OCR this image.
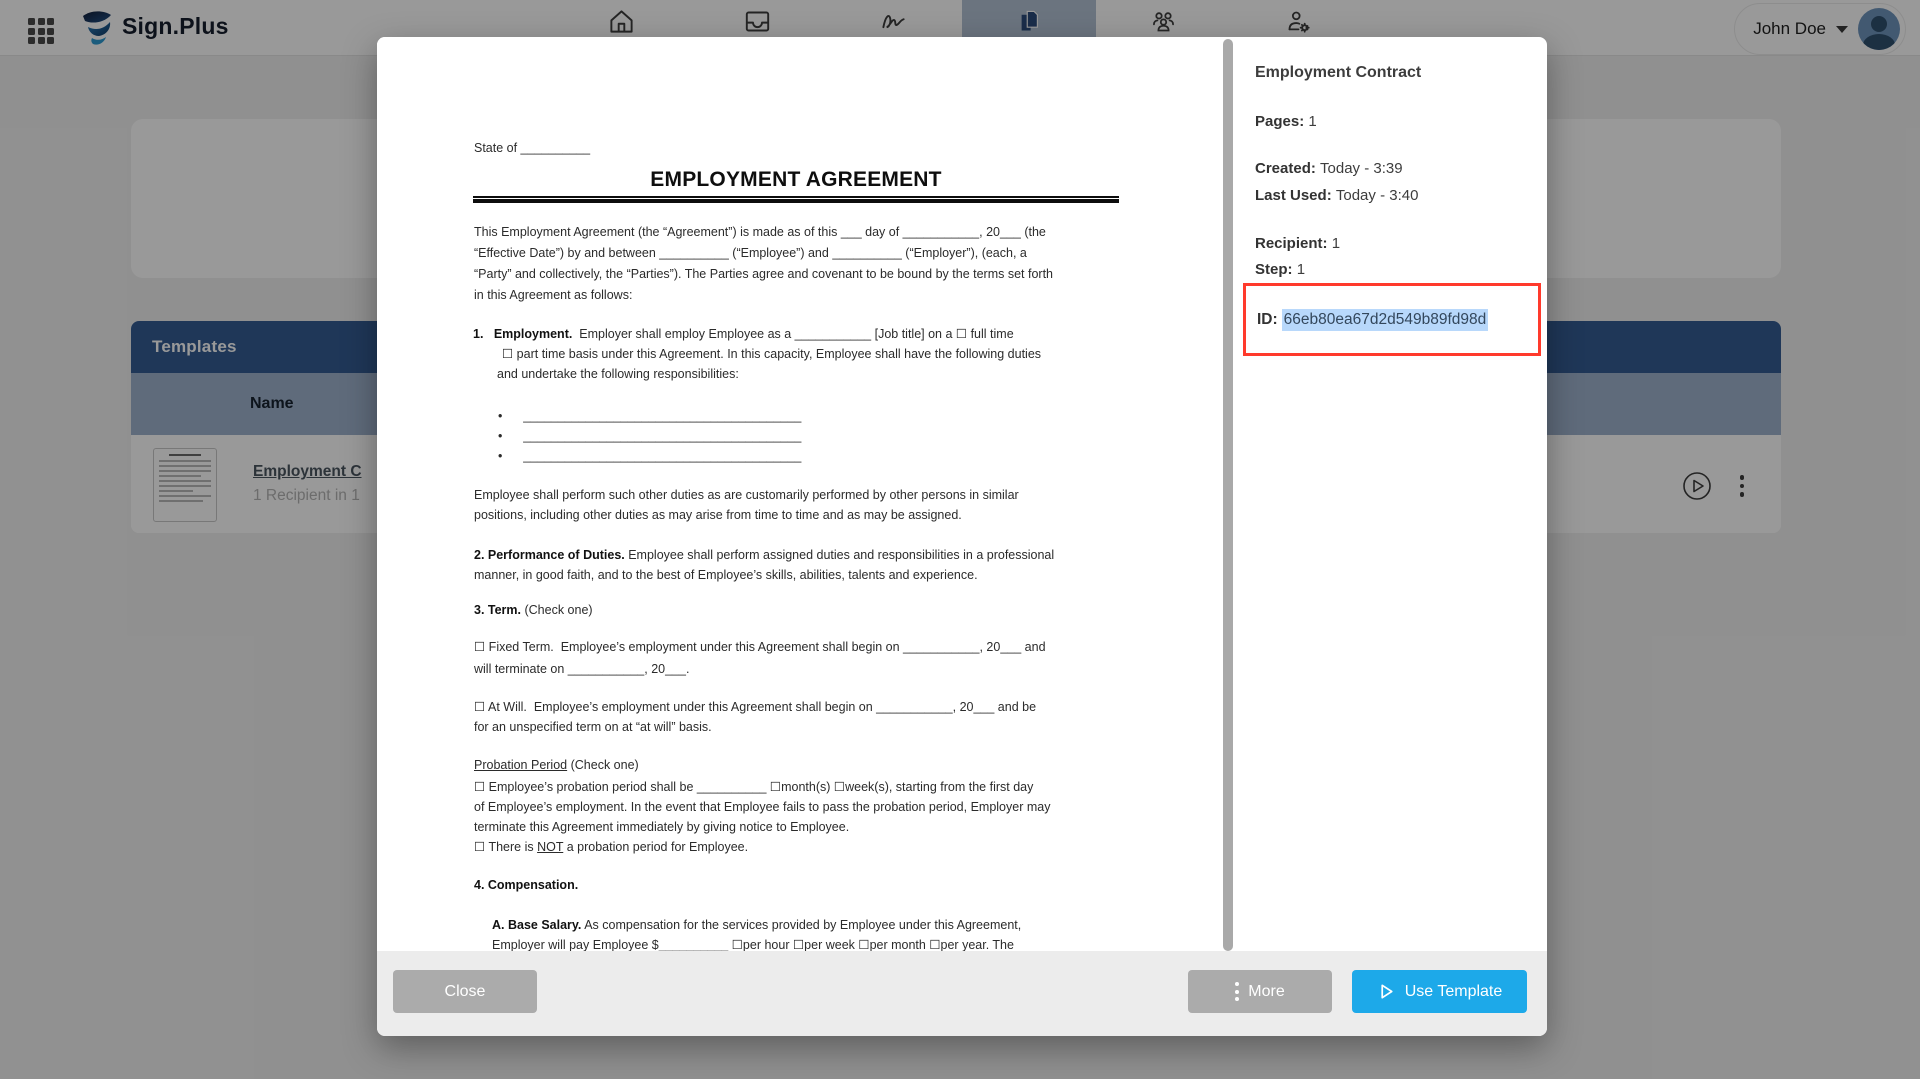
Sign.Plus	John Doe
Templates
Name
Employment C
1 Recipient in 1
State of __________
EMPLOYMENT AGREEMENT
This Employment Agreement (the “Agreement”) is made as of this ___ day of ___________, 20___ (the
“Effective Date”) by and between __________ (“Employee”) and __________ (“Employer”), (each, a
“Party” and collectively, the “Parties”). The Parties agree and covenant to be bound by the terms set forth
in this Agreement as follows:
1.   Employment.  Employer shall employ Employee as a ___________ [Job title] on a ☐ full time
☐ part time basis under this Agreement. In this capacity, Employee shall have the following duties
and undertake the following responsibilities:
•      ________________________________________
•      ________________________________________
•      ________________________________________
Employee shall perform such other duties as are customarily performed by other persons in similar
positions, including other duties as may arise from time to time and as may be assigned.
2. Performance of Duties. Employee shall perform assigned duties and responsibilities in a professional
manner, in good faith, and to the best of Employee’s skills, abilities, talents and experience.
3. Term. (Check one)
☐ Fixed Term.  Employee’s employment under this Agreement shall begin on ___________, 20___ and
will terminate on ___________, 20___.
☐ At Will.  Employee’s employment under this Agreement shall begin on ___________, 20___ and be
for an unspecified term on at “at will” basis.
Probation Period (Check one)
☐ Employee’s probation period shall be __________ ☐month(s) ☐week(s), starting from the first day
of Employee’s employment. In the event that Employee fails to pass the probation period, Employer may
terminate this Agreement immediately by giving notice to Employee.
☐ There is NOT a probation period for Employee.
4. Compensation.
A. Base Salary. As compensation for the services provided by Employee under this Agreement,
Employer will pay Employee $__________ ☐per hour ☐per week ☐per month ☐per year. The
Employment Contract
Pages : 1
Created : Today - 3:39
Last Used : Today - 3:40
Recipient : 1
Step : 1
ID : 66eb80ea67d2d549b89fd98d
Close	More	Use Template
